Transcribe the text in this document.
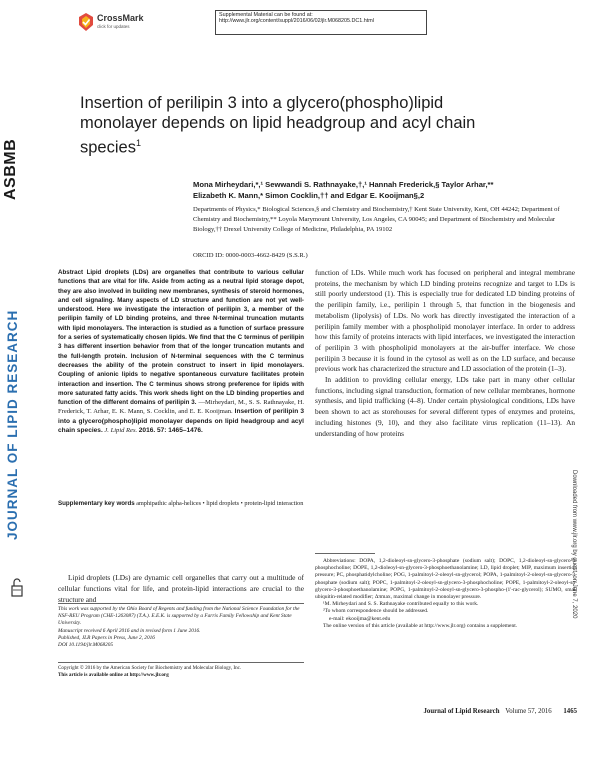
ASBMB
JOURNAL OF LIPID RESEARCH
Downloaded from www.jlr.org by guest, on June 7, 2020
CrossMark
click for updates
Supplemental Material can be found at:
http://www.jlr.org/content/suppl/2016/06/02/jlr.M068205.DC1.html
Insertion of perilipin 3 into a glycero(phospho)lipid monolayer depends on lipid headgroup and acyl chain species$^1$
Mona Mirheydari,*,¹ Sewwandi S. Rathnayake,†,¹ Hannah Frederick,§ Taylor Arhar,**
Elizabeth K. Mann,* Simon Cocklin,†† and Edgar E. Kooijman§,2
Departments of Physics,* Biological Sciences,§ and Chemistry and Biochemistry,† Kent State University, Kent, OH 44242; Department of Chemistry and Biochemistry,** Loyola Marymount University, Los Angeles, CA 90045; and Department of Biochemistry and Molecular Biology,†† Drexel University College of Medicine, Philadelphia, PA 19102
ORCID ID: 0000-0003-4662-8429 (S.S.R.)
Abstract Lipid droplets (LDs) are organelles that contribute to various cellular functions that are vital for life. Aside from acting as a neutral lipid storage depot, they are also involved in building new membranes, synthesis of steroid hormones, and cell signaling. Many aspects of LD structure and function are not yet well-understood. Here we investigate the interaction of perilipin 3, a member of the perilipin family of LD binding proteins, and three N-terminal truncation mutants with lipid monolayers. The interaction is studied as a function of surface pressure for a series of systematically chosen lipids. We find that the C terminus of perilipin 3 has different insertion behavior from that of the longer truncation mutants and the full-length protein. Inclusion of N-terminal sequences with the C terminus decreases the ability of the protein construct to insert in lipid monolayers. Coupling of anionic lipids to negative spontaneous curvature facilitates protein interaction and insertion. The C terminus shows strong preference for lipids with more saturated fatty acids. This work sheds light on the LD binding properties and function of the different domains of perilipin 3. —Mirheydari, M., S. S. Rathnayake, H. Frederick, T. Arhar, E. K. Mann, S. Cocklin, and E. E. Kooijman. Insertion of perilipin 3 into a glycero(phospho)lipid monolayer depends on lipid headgroup and acyl chain species. J. Lipid Res. 2016. 57: 1465–1476.
Supplementary key words amphipathic alpha-helices • lipid droplets • protein-lipid interaction
Lipid droplets (LDs) are dynamic cell organelles that carry out a multitude of cellular functions vital for life, and protein-lipid interactions are crucial to the structure and
This work was supported by the Ohio Board of Regents and funding from the National Science Foundation for the NSF-REU Program (CHE-1263087) (T.A.). E.E.K. is supported by a Farris Family Fellowship and Kent State University.
Manuscript received 6 April 2016 and in revised form 1 June 2016.
Published, JLR Papers in Press, June 2, 2016
DOI 10.1194/jlr.M068205
Copyright © 2016 by the American Society for Biochemistry and Molecular Biology, Inc.
This article is available online at http://www.jlr.org

function of LDs. While much work has focused on peripheral and integral membrane proteins, the mechanism by which LD binding proteins recognize and target to LDs is still poorly understood (1). This is especially true for dedicated LD binding proteins of the perilipin family, i.e., perilipin 1 through 5, that function in the biogenesis and metabolism (lipolysis) of LDs. No work has directly investigated the interaction of a perilipin family member with a phospholipid monolayer interface. In order to address how this family of proteins interacts with lipid interfaces, we investigated the interaction of perilipin 3 with phospholipid monolayers at the air-buffer interface. We chose perilipin 3 because it is found in the cytosol as well as on the LD surface, and because previous work has characterized the structure and LD association of the protein (1–3).

In addition to providing cellular energy, LDs take part in many other cellular functions, including signal transduction, formation of new cellular membranes, hormone synthesis, and lipid trafficking (4–8). Under certain physiological conditions, LDs have been shown to act as storehouses for several different types of enzymes and proteins, including histones (9, 10), and they also facilitate virus replication (11–13). An understanding of how proteins

Abbreviations: DOPA, 1,2-dioleoyl-sn-glycero-3-phosphate (sodium salt); DOPC, 1,2-dioleoyl-sn-glycero-3-phosphocholine; DOPE, 1,2-dioleoyl-sn-glycero-3-phosphoethanolamine; LD, lipid droplet; MIP, maximum insertion pressure; PC, phosphatidylcholine; POG, 1-palmitoyl-2-oleoyl-sn-glycerol; POPA, 1-palmitoyl-2-oleoyl-sn-glycero-3-phosphate (sodium salt); POPC, 1-palmitoyl-2-oleoyl-sn-glycero-3-phosphocholine; POPE, 1-palmitoyl-2-oleoyl-sn-glycero-3-phosphoethanolamine; POPG, 1-palmitoyl-2-oleoyl-sn-glycero-3-phospho-(1'-rac-glycerol); SUMO, small ubiquitin-related modifier; Δπmax, maximal change in monolayer pressure.
¹M. Mirheydari and S. S. Rathnayake contributed equally to this work.
²To whom correspondence should be addressed.
e-mail: ekooijma@kent.edu
The online version of this article (available at http://www.jlr.org) contains a supplement.
Journal of Lipid Research Volume 57, 2016 1465
